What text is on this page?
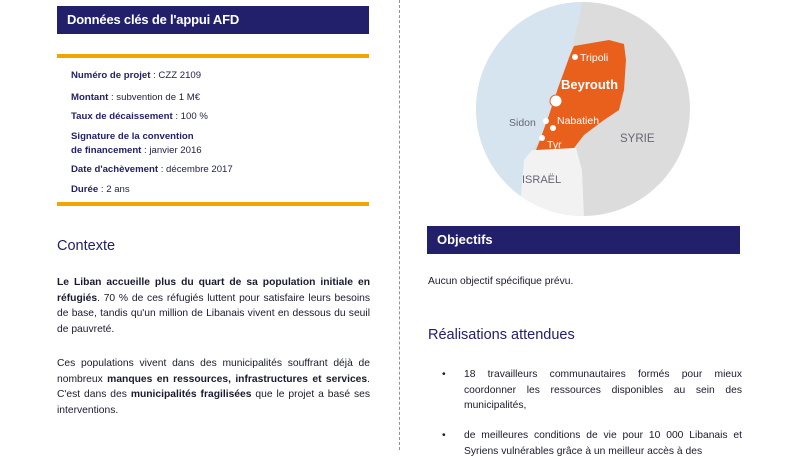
Données clés de l'appui AFD
Numéro de projet : CZZ 2109
Montant : subvention de 1 M€
Taux de décaissement : 100 %
Signature de la convention
de financement : janvier 2016
Date d'achèvement : décembre 2017
Durée : 2 ans
Contexte
Le Liban accueille plus du quart de sa population initiale en réfugiés. 70 % de ces réfugiés luttent pour satisfaire leurs besoins de base, tandis qu'un million de Libanais vivent en dessous du seuil de pauvreté.
Ces populations vivent dans des municipalités souffrant déjà de nombreux manques en ressources, infrastructures et services. C'est dans des municipalités fragilisées que le projet a basé ses interventions.
Tripoli
Beyrouth
Sidon Nabatieh
Tyr	SYRIE
ISRAËL
Objectifs
Aucun objectif spécifique prévu.
Réalisations attendues
• 18 travailleurs communautaires formés pour mieux coordonner les ressources disponibles au sein des municipalités,
• de meilleures conditions de vie pour 10 000 Libanais et Syriens vulnérables grâce à un meilleur accès à des
